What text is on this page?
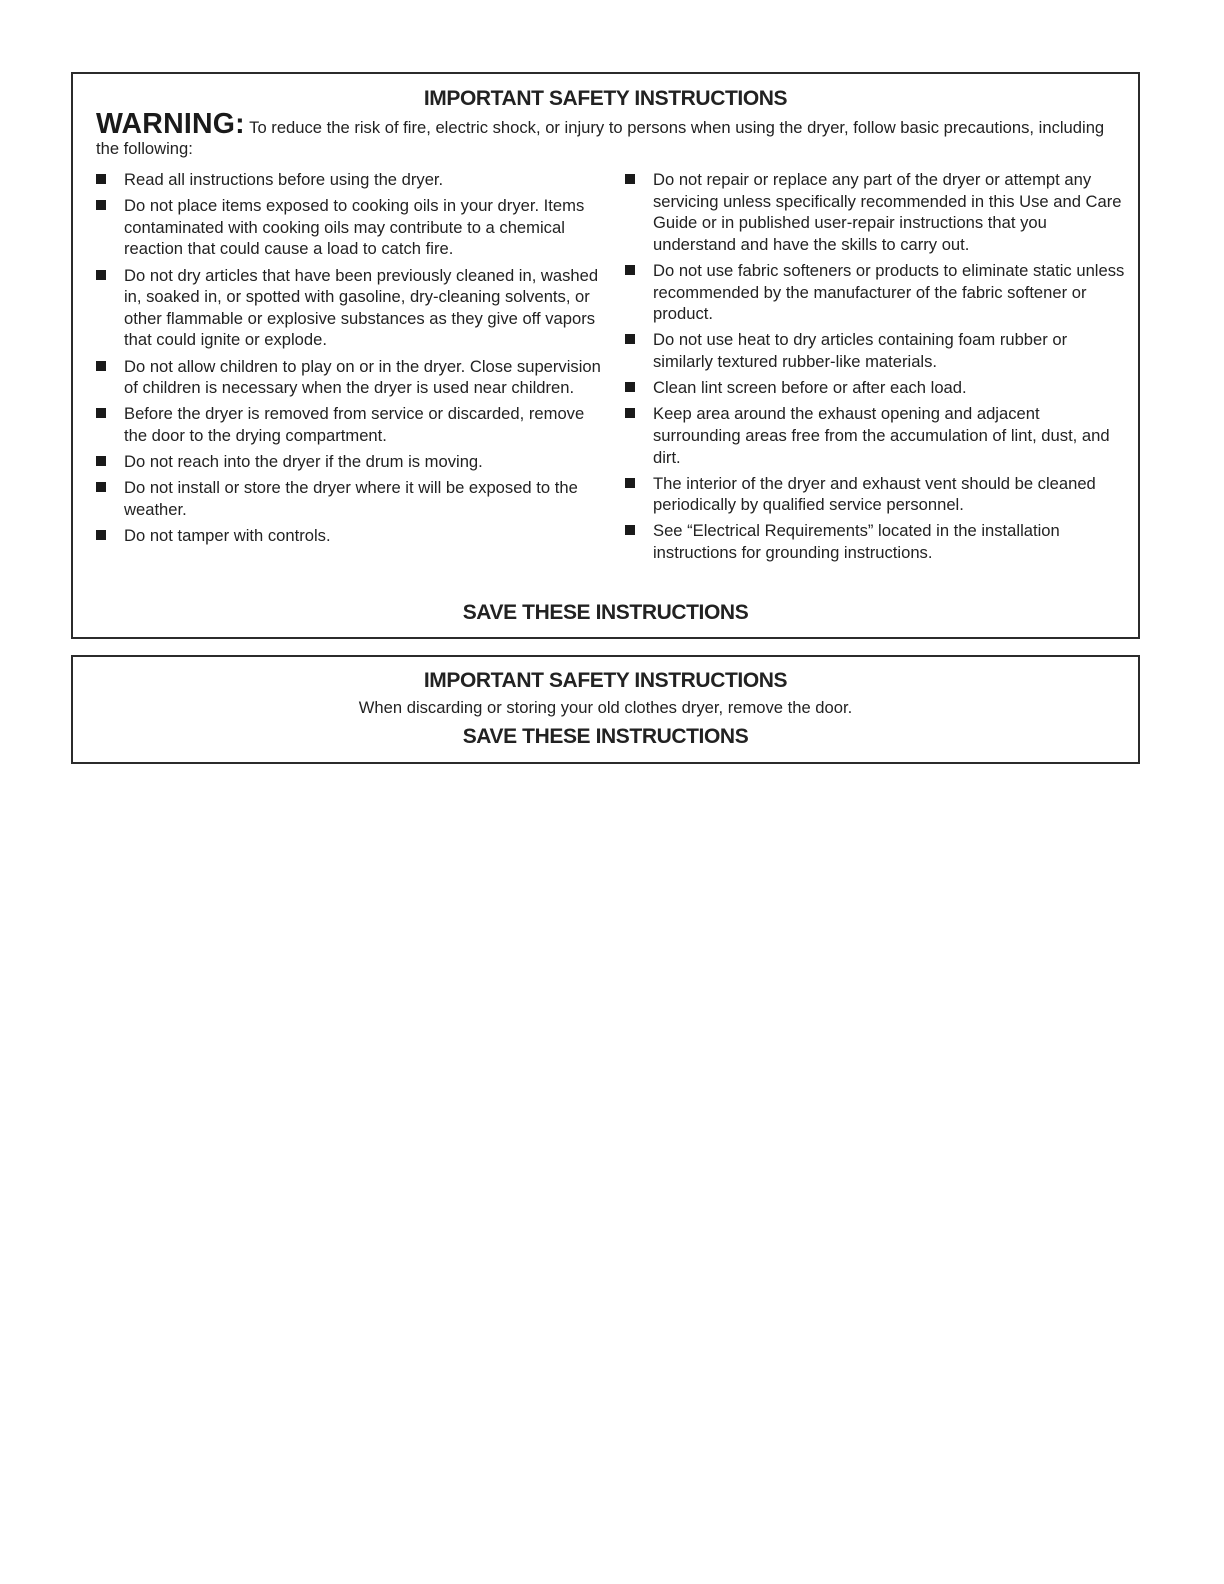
IMPORTANT SAFETY INSTRUCTIONS

WARNING: To reduce the risk of fire, electric shock, or injury to persons when using the dryer, follow basic precautions, including the following:

Read all instructions before using the dryer.
Do not place items exposed to cooking oils in your dryer. Items contaminated with cooking oils may contribute to a chemical reaction that could cause a load to catch fire.
Do not dry articles that have been previously cleaned in, washed in, soaked in, or spotted with gasoline, dry-cleaning solvents, or other flammable or explosive substances as they give off vapors that could ignite or explode.
Do not allow children to play on or in the dryer. Close supervision of children is necessary when the dryer is used near children.
Before the dryer is removed from service or discarded, remove the door to the drying compartment.
Do not reach into the dryer if the drum is moving.
Do not install or store the dryer where it will be exposed to the weather.
Do not tamper with controls.
Do not repair or replace any part of the dryer or attempt any servicing unless specifically recommended in this Use and Care Guide or in published user-repair instructions that you understand and have the skills to carry out.
Do not use fabric softeners or products to eliminate static unless recommended by the manufacturer of the fabric softener or product.
Do not use heat to dry articles containing foam rubber or similarly textured rubber-like materials.
Clean lint screen before or after each load.
Keep area around the exhaust opening and adjacent surrounding areas free from the accumulation of lint, dust, and dirt.
The interior of the dryer and exhaust vent should be cleaned periodically by qualified service personnel.
See “Electrical Requirements” located in the installation instructions for grounding instructions.
SAVE THESE INSTRUCTIONS
IMPORTANT SAFETY INSTRUCTIONS

When discarding or storing your old clothes dryer, remove the door.

SAVE THESE INSTRUCTIONS
